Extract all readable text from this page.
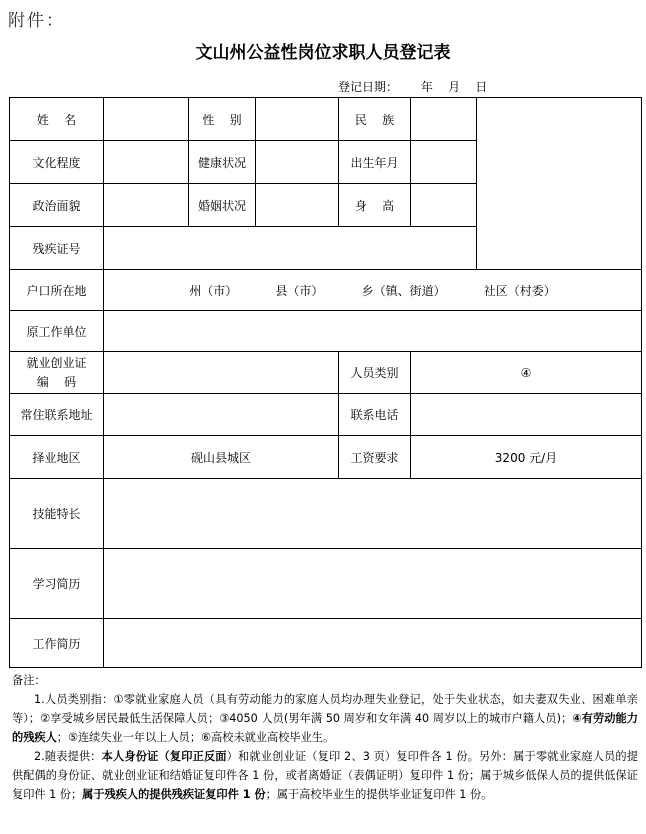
附件：
文山州公益性岗位求职人员登记表
登记日期：      年    月    日
姓    名		性    别		民    族		
文化程度		健康状况		出生年月		
政治面貌		婚姻状况		身    高		
残疾证号						
户口所在地	州（市）          县（市）          乡（镇、街道）          社区（村委）					
原工作单位						
就业创业证
编    码				人员类别	④	
常住联系地址				联系电话		
择业地区	砚山县城区			工资要求	3200 元/月	
技能特长						
学习简历						
工作简历						

备注：

1.人员类别指：①零就业家庭人员（具有劳动能力的家庭人员均办理失业登记，处于失业状态，如夫妻双失业、困难单亲等）；②享受城乡居民最低生活保障人员；③4050 人员(男年满 50 周岁和女年满 40 周岁以上的城市户籍人员)；④有劳动能力的残疾人；⑤连续失业一年以上人员；⑥高校未就业高校毕业生。

2.随表提供：本人身份证（复印正反面）和就业创业证（复印 2、3 页）复印件各 1 份。另外：属于零就业家庭人员的提供配偶的身份证、就业创业证和结婚证复印件各 1 份，或者离婚证（表偶证明）复印件 1 份；属于城乡低保人员的提供低保证复印件 1 份；属于残疾人的提供残疾证复印件 1 份；属于高校毕业生的提供毕业证复印件 1 份。
